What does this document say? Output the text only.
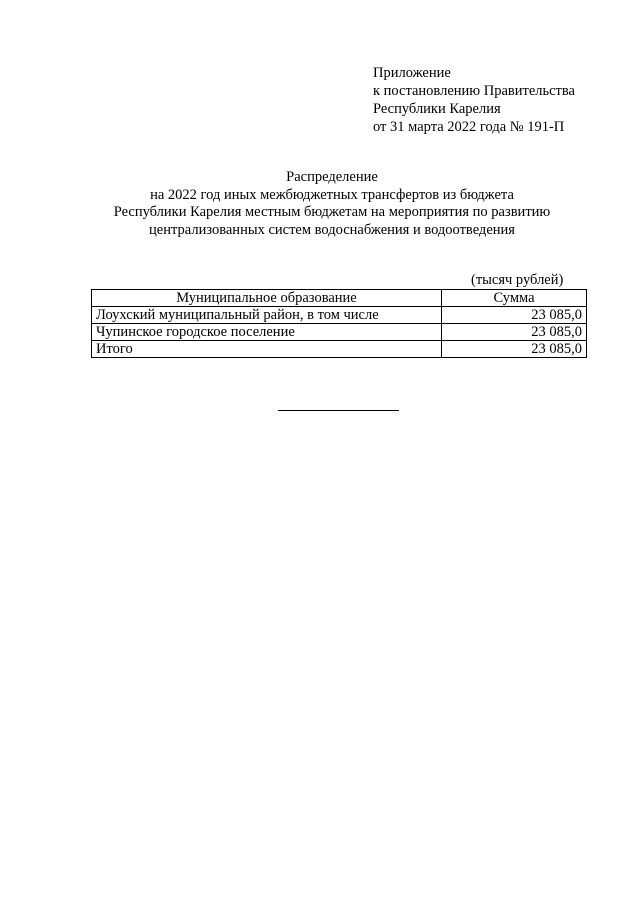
Приложение
к постановлению Правительства
Республики Карелия
от 31 марта 2022 года № 191-П
Распределение
на 2022 год иных межбюджетных трансфертов из бюджета
Республики Карелия местным бюджетам на мероприятия по развитию
централизованных систем водоснабжения и водоотведения
(тысяч рублей)
Муниципальное образование	Сумма
Лоухский муниципальный район, в том числе	23 085,0
Чупинское городское поселение	23 085,0
Итого	23 085,0
